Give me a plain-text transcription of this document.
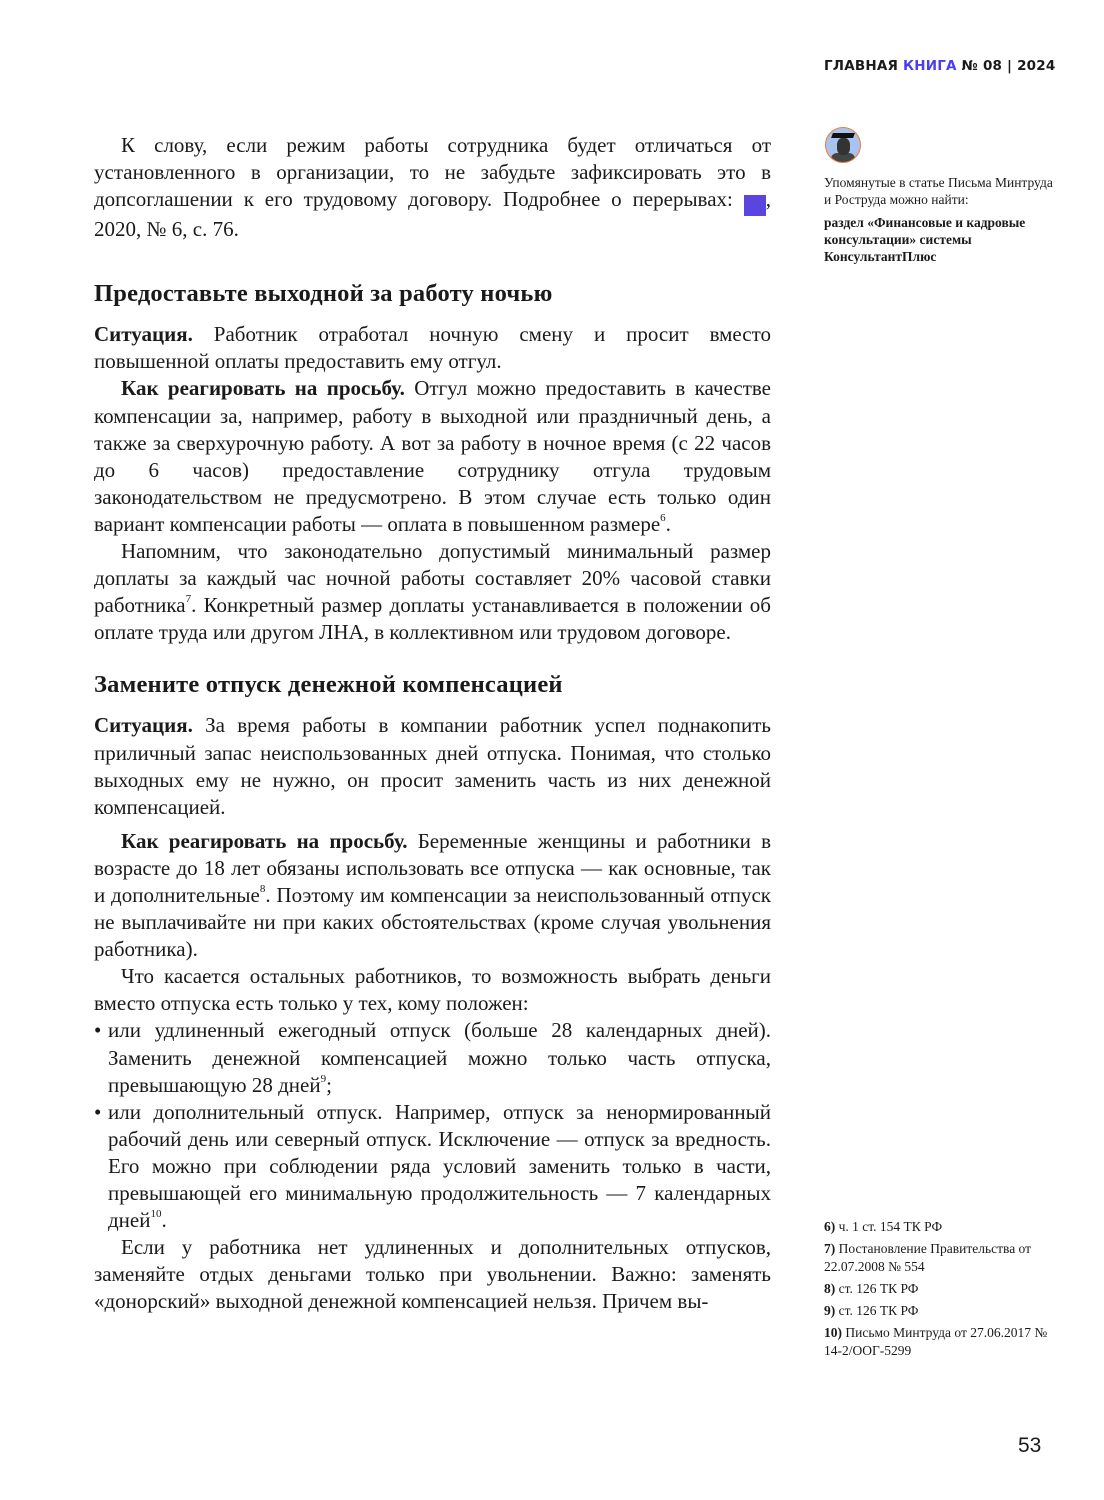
ГЛАВНАЯ КНИГА № 08 | 2024

К слову, если режим работы сотрудника будет отличаться от установленного в организации, то не забудьте зафиксировать это в допсоглашении к его трудовому договору. Подробнее о перерывах: ГК, 2020, № 6, с. 76.

Предоставьте выходной за работу ночью

Ситуация. Работник отработал ночную смену и просит вместо повышенной оплаты предоставить ему отгул.

Как реагировать на просьбу. Отгул можно предоставить в качестве компенсации за, например, работу в выходной или праздничный день, а также за сверхурочную работу. А вот за работу в ночное время (с 22 часов до 6 часов) предоставление сотруднику отгула трудовым законодательством не предусмотрено. В этом случае есть только один вариант компенсации работы — оплата в повышенном размере$^6$.

Напомним, что законодательно допустимый минимальный размер доплаты за каждый час ночной работы составляет 20% часовой ставки работника$^7$. Конкретный размер доплаты устанавливается в положении об оплате труда или другом ЛНА, в коллективном или трудовом договоре.

Замените отпуск денежной компенсацией

Ситуация. За время работы в компании работник успел поднакопить приличный запас неиспользованных дней отпуска. Понимая, что столько выходных ему не нужно, он просит заменить часть из них денежной компенсацией.

Как реагировать на просьбу. Беременные женщины и работники в возрасте до 18 лет обязаны использовать все отпуска — как основные, так и дополнительные$^8$. Поэтому им компенсации за неиспользованный отпуск не выплачивайте ни при каких обстоятельствах (кроме случая увольнения работника).

Что касается остальных работников, то возможность выбрать деньги вместо отпуска есть только у тех, кому положен:

• или удлиненный ежегодный отпуск (больше 28 календарных дней). Заменить денежной компенсацией можно только часть отпуска, превышающую 28 дней$^9$;
• или дополнительный отпуск. Например, отпуск за ненормированный рабочий день или северный отпуск. Исключение — отпуск за вредность. Его можно при соблюдении ряда условий заменить только в части, превышающей его минимальную продолжительность — 7 календарных дней$^{10}$.

Если у работника нет удлиненных и дополнительных отпусков, заменяйте отдых деньгами только при увольнении. Важно: заменять «донорский» выходной денежной компенсацией нельзя. Причем вы-

Упомянутые в статье Письма Минтруда и Роструда можно найти:
раздел «Финансовые и кадровые консультации» системы КонсультантПлюс
6) ч. 1 ст. 154 ТК РФ
7) Постановление Правительства от 22.07.2008 № 554
8) ст. 126 ТК РФ
9) ст. 126 ТК РФ
10) Письмо Минтруда от 27.06.2017 № 14-2/ООГ-5299
53
